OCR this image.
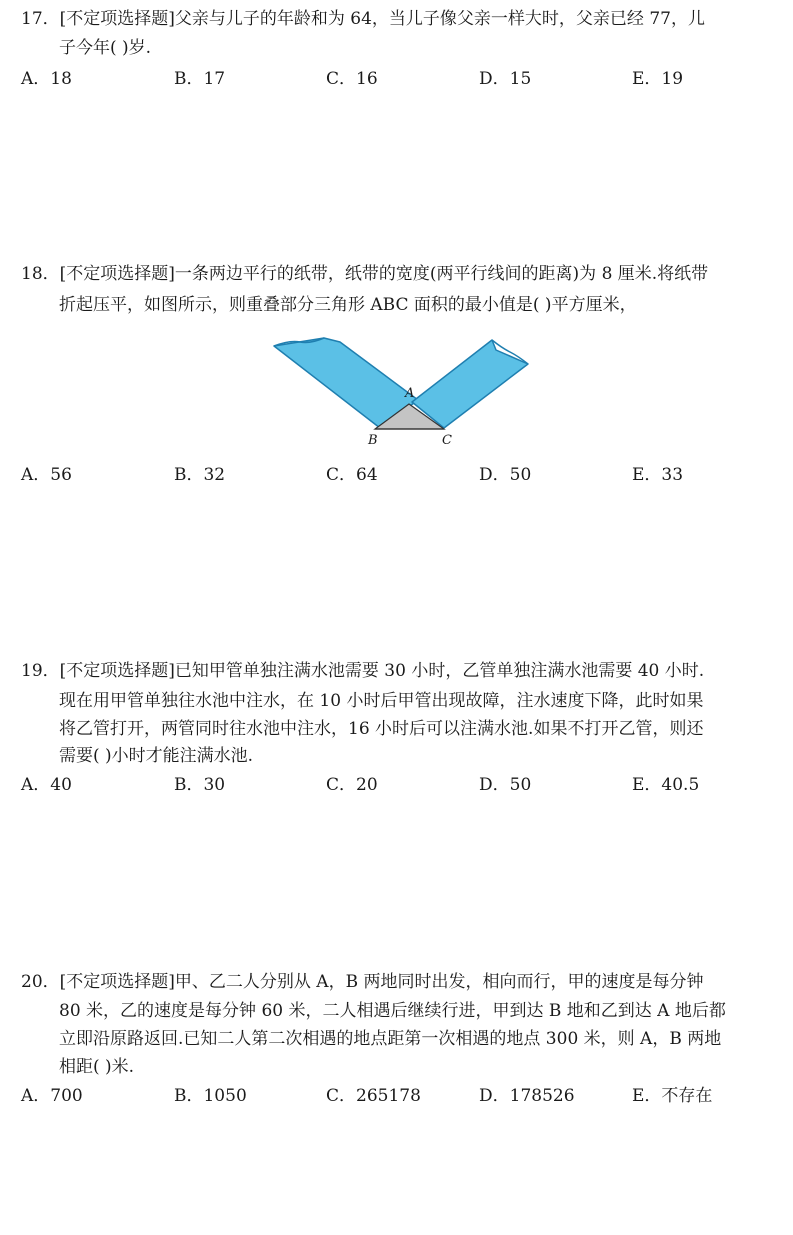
17．[不定项选择题]父亲与儿子的年龄和为 64，当儿子像父亲一样大时，父亲已经 77，儿
子今年( )岁.
A．18	B．17	C．16	D．15	E．19
18．[不定项选择题]一条两边平行的纸带，纸带的宽度(两平行线间的距离)为 8 厘米.将纸带
折起压平，如图所示，则重叠部分三角形 ABC 面积的最小值是( )平方厘米，
A
B	C
A．56	B．32	C．64	D．50	E．33
19．[不定项选择题]已知甲管单独注满水池需要 30 小时，乙管单独注满水池需要 40 小时.
现在用甲管单独往水池中注水，在 10 小时后甲管出现故障，注水速度下降，此时如果
将乙管打开，两管同时往水池中注水，16 小时后可以注满水池.如果不打开乙管，则还
需要( )小时才能注满水池.
A．40	B．30	C．20	D．50	E．40.5
20．[不定项选择题]甲、乙二人分别从 A，B 两地同时出发，相向而行，甲的速度是每分钟
80 米，乙的速度是每分钟 60 米，二人相遇后继续行进，甲到达 B 地和乙到达 A 地后都
立即沿原路返回.已知二人第二次相遇的地点距第一次相遇的地点 300 米，则 A，B 两地
相距( )米.
A．700	B．1050	C．265178	D．178526	E．不存在
